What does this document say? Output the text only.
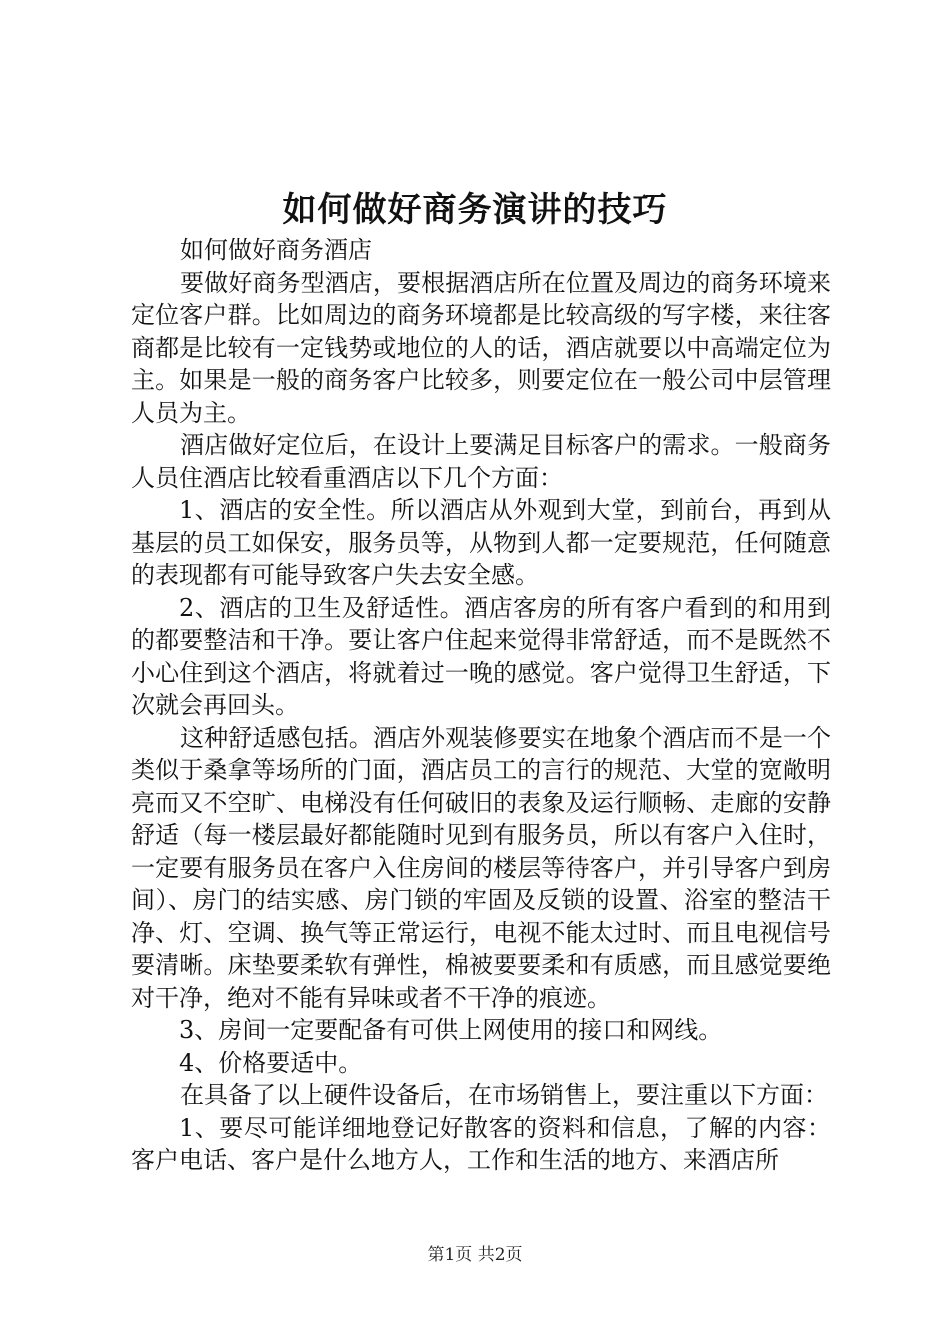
如何做好商务演讲的技巧

如何做好商务酒店

要做好商务型酒店，要根据酒店所在位置及周边的商务环境来定位客户群。比如周边的商务环境都是比较高级的写字楼，来往客商都是比较有一定钱势或地位的人的话，酒店就要以中高端定位为主。如果是一般的商务客户比较多，则要定位在一般公司中层管理人员为主。

酒店做好定位后，在设计上要满足目标客户的需求。一般商务人员住酒店比较看重酒店以下几个方面：

1、酒店的安全性。所以酒店从外观到大堂，到前台，再到从基层的员工如保安，服务员等，从物到人都一定要规范，任何随意的表现都有可能导致客户失去安全感。

2、酒店的卫生及舒适性。酒店客房的所有客户看到的和用到的都要整洁和干净。要让客户住起来觉得非常舒适，而不是既然不小心住到这个酒店，将就着过一晚的感觉。客户觉得卫生舒适，下次就会再回头。

这种舒适感包括。酒店外观装修要实在地象个酒店而不是一个类似于桑拿等场所的门面，酒店员工的言行的规范、大堂的宽敞明亮而又不空旷、电梯没有任何破旧的表象及运行顺畅、走廊的安静舒适（每一楼层最好都能随时见到有服务员，所以有客户入住时，一定要有服务员在客户入住房间的楼层等待客户，并引导客户到房间）、房门的结实感、房门锁的牢固及反锁的设置、浴室的整洁干净、灯、空调、换气等正常运行，电视不能太过时、而且电视信号要清晰。床垫要柔软有弹性，棉被要要柔和有质感，而且感觉要绝对干净，绝对不能有异味或者不干净的痕迹。

3、房间一定要配备有可供上网使用的接口和网线。

4、价格要适中。

在具备了以上硬件设备后，在市场销售上，要注重以下方面：

1、要尽可能详细地登记好散客的资料和信息，了解的内容：客户电话、客户是什么地方人，工作和生活的地方、来酒店所

第1页 共2页
